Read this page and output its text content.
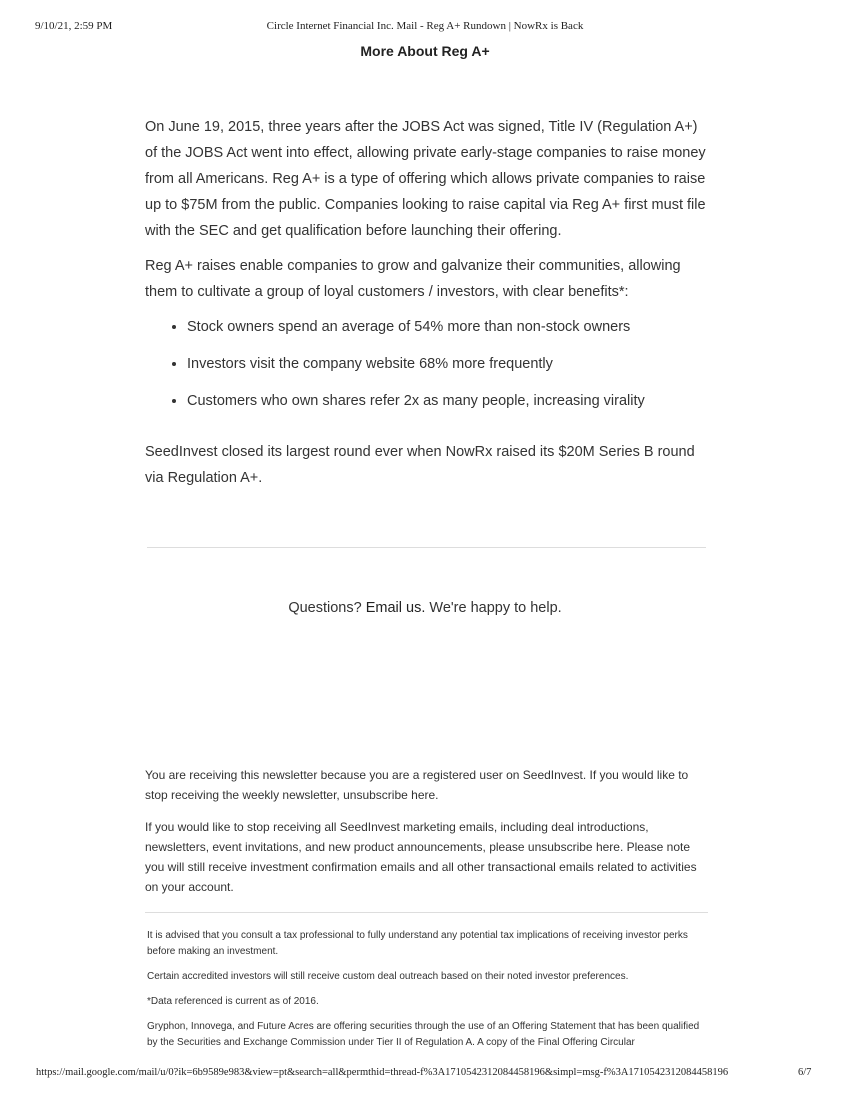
9/10/21, 2:59 PM	Circle Internet Financial Inc. Mail - Reg A+ Rundown | NowRx is Back
More About Reg A+

On June 19, 2015, three years after the JOBS Act was signed, Title IV (Regulation A+) of the JOBS Act went into effect, allowing private early-stage companies to raise money from all Americans. Reg A+ is a type of offering which allows private companies to raise up to $75M from the public. Companies looking to raise capital via Reg A+ first must file with the SEC and get qualification before launching their offering.

Reg A+ raises enable companies to grow and galvanize their communities, allowing them to cultivate a group of loyal customers / investors, with clear benefits*:

• Stock owners spend an average of 54% more than non-stock owners
• Investors visit the company website 68% more frequently
• Customers who own shares refer 2x as many people, increasing virality

SeedInvest closed its largest round ever when NowRx raised its $20M Series B round via Regulation A+.

Questions? Email us. We're happy to help.

You are receiving this newsletter because you are a registered user on SeedInvest. If you would like to stop receiving the weekly newsletter, unsubscribe here.

If you would like to stop receiving all SeedInvest marketing emails, including deal introductions, newsletters, event invitations, and new product announcements, please unsubscribe here. Please note you will still receive investment confirmation emails and all other transactional emails related to activities on your account.

It is advised that you consult a tax professional to fully understand any potential tax implications of receiving investor perks before making an investment.

Certain accredited investors will still receive custom deal outreach based on their noted investor preferences.

*Data referenced is current as of 2016.

Gryphon, Innovega, and Future Acres are offering securities through the use of an Offering Statement that has been qualified by the Securities and Exchange Commission under Tier II of Regulation A. A copy of the Final Offering Circular

https://mail.google.com/mail/u/0?ik=6b9589e983&view=pt&search=all&permthid=thread-f%3A1710542312084458196&simpl=msg-f%3A1710542312084458196	6/7
